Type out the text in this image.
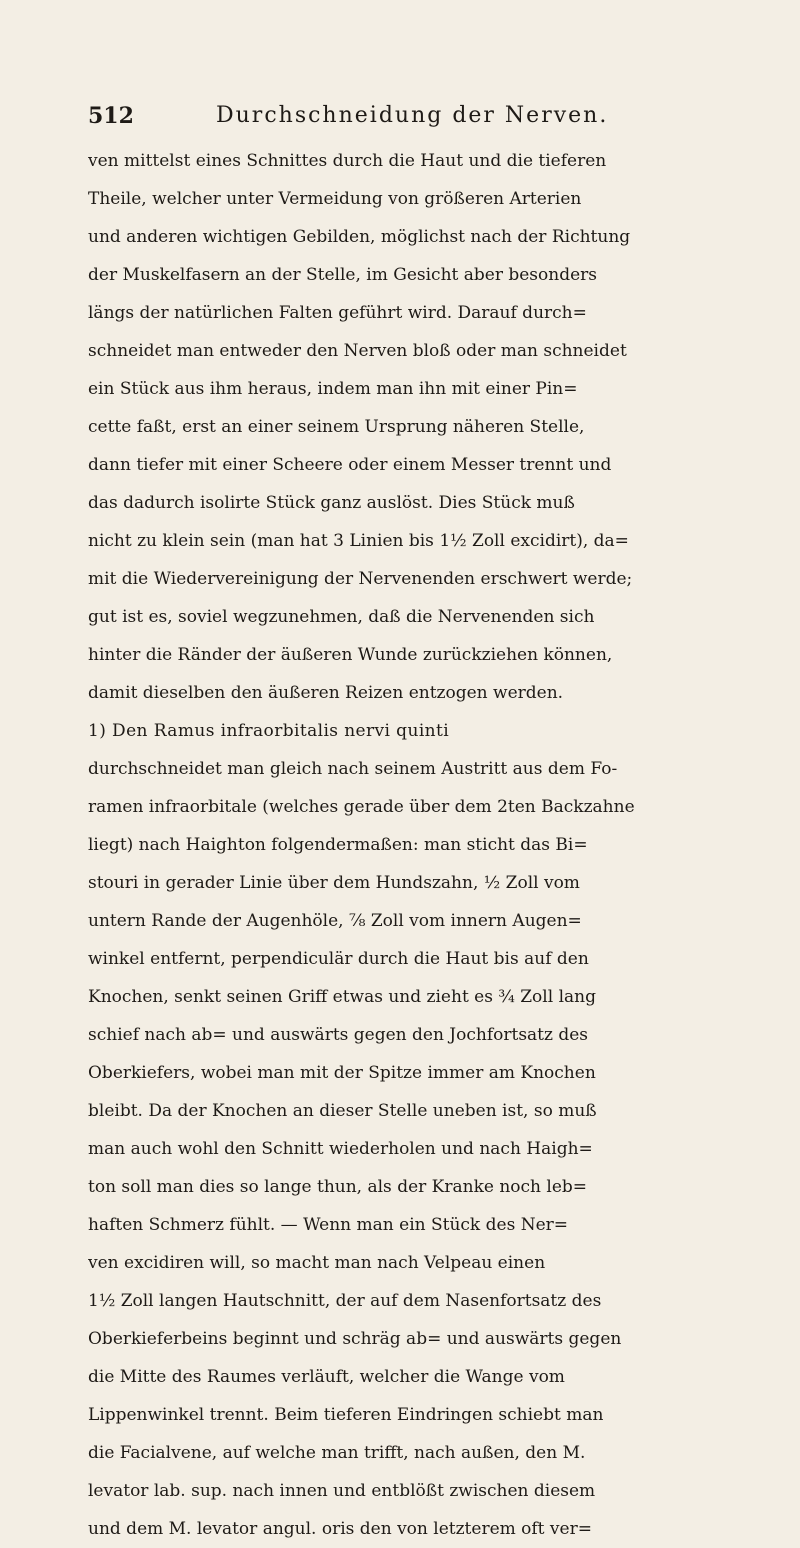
512	Durchschneidung der Nerven.
ven mittelst eines Schnittes durch die Haut und die tieferen
Theile, welcher unter Vermeidung von größeren Arterien
und anderen wichtigen Gebilden, möglichst nach der Richtung
der Muskelfasern an der Stelle, im Gesicht aber besonders
längs der natürlichen Falten geführt wird. Darauf durch=
schneidet man entweder den Nerven bloß oder man schneidet
ein Stück aus ihm heraus, indem man ihn mit einer Pin=
cette faßt, erst an einer seinem Ursprung näheren Stelle,
dann tiefer mit einer Scheere oder einem Messer trennt und
das dadurch isolirte Stück ganz auslöst. Dies Stück muß
nicht zu klein sein (man hat 3 Linien bis 1½ Zoll excidirt), da=
mit die Wiedervereinigung der Nervenenden erschwert werde;
gut ist es, soviel wegzunehmen, daß die Nervenenden sich
hinter die Ränder der äußeren Wunde zurückziehen können,
damit dieselben den äußeren Reizen entzogen werden.
1) Den Ramus infraorbitalis nervi quinti
durchschneidet man gleich nach seinem Austritt aus dem Fo-
ramen infraorbitale (welches gerade über dem 2ten Backzahne
liegt) nach Haighton folgendermaßen: man sticht das Bi=
stouri in gerader Linie über dem Hundszahn, ½ Zoll vom
untern Rande der Augenhöle, ⅞ Zoll vom innern Augen=
winkel entfernt, perpendiculär durch die Haut bis auf den
Knochen, senkt seinen Griff etwas und zieht es ¾ Zoll lang
schief nach ab= und auswärts gegen den Jochfortsatz des
Oberkiefers, wobei man mit der Spitze immer am Knochen
bleibt. Da der Knochen an dieser Stelle uneben ist, so muß
man auch wohl den Schnitt wiederholen und nach Haigh=
ton soll man dies so lange thun, als der Kranke noch leb=
haften Schmerz fühlt. — Wenn man ein Stück des Ner=
ven excidiren will, so macht man nach Velpeau einen
1½ Zoll langen Hautschnitt, der auf dem Nasenfortsatz des
Oberkieferbeins beginnt und schräg ab= und auswärts gegen
die Mitte des Raumes verläuft, welcher die Wange vom
Lippenwinkel trennt. Beim tieferen Eindringen schiebt man
die Facialvene, auf welche man trifft, nach außen, den M.
levator lab. sup. nach innen und entblößt zwischen diesem
und dem M. levator angul. oris den von letzterem oft ver=
